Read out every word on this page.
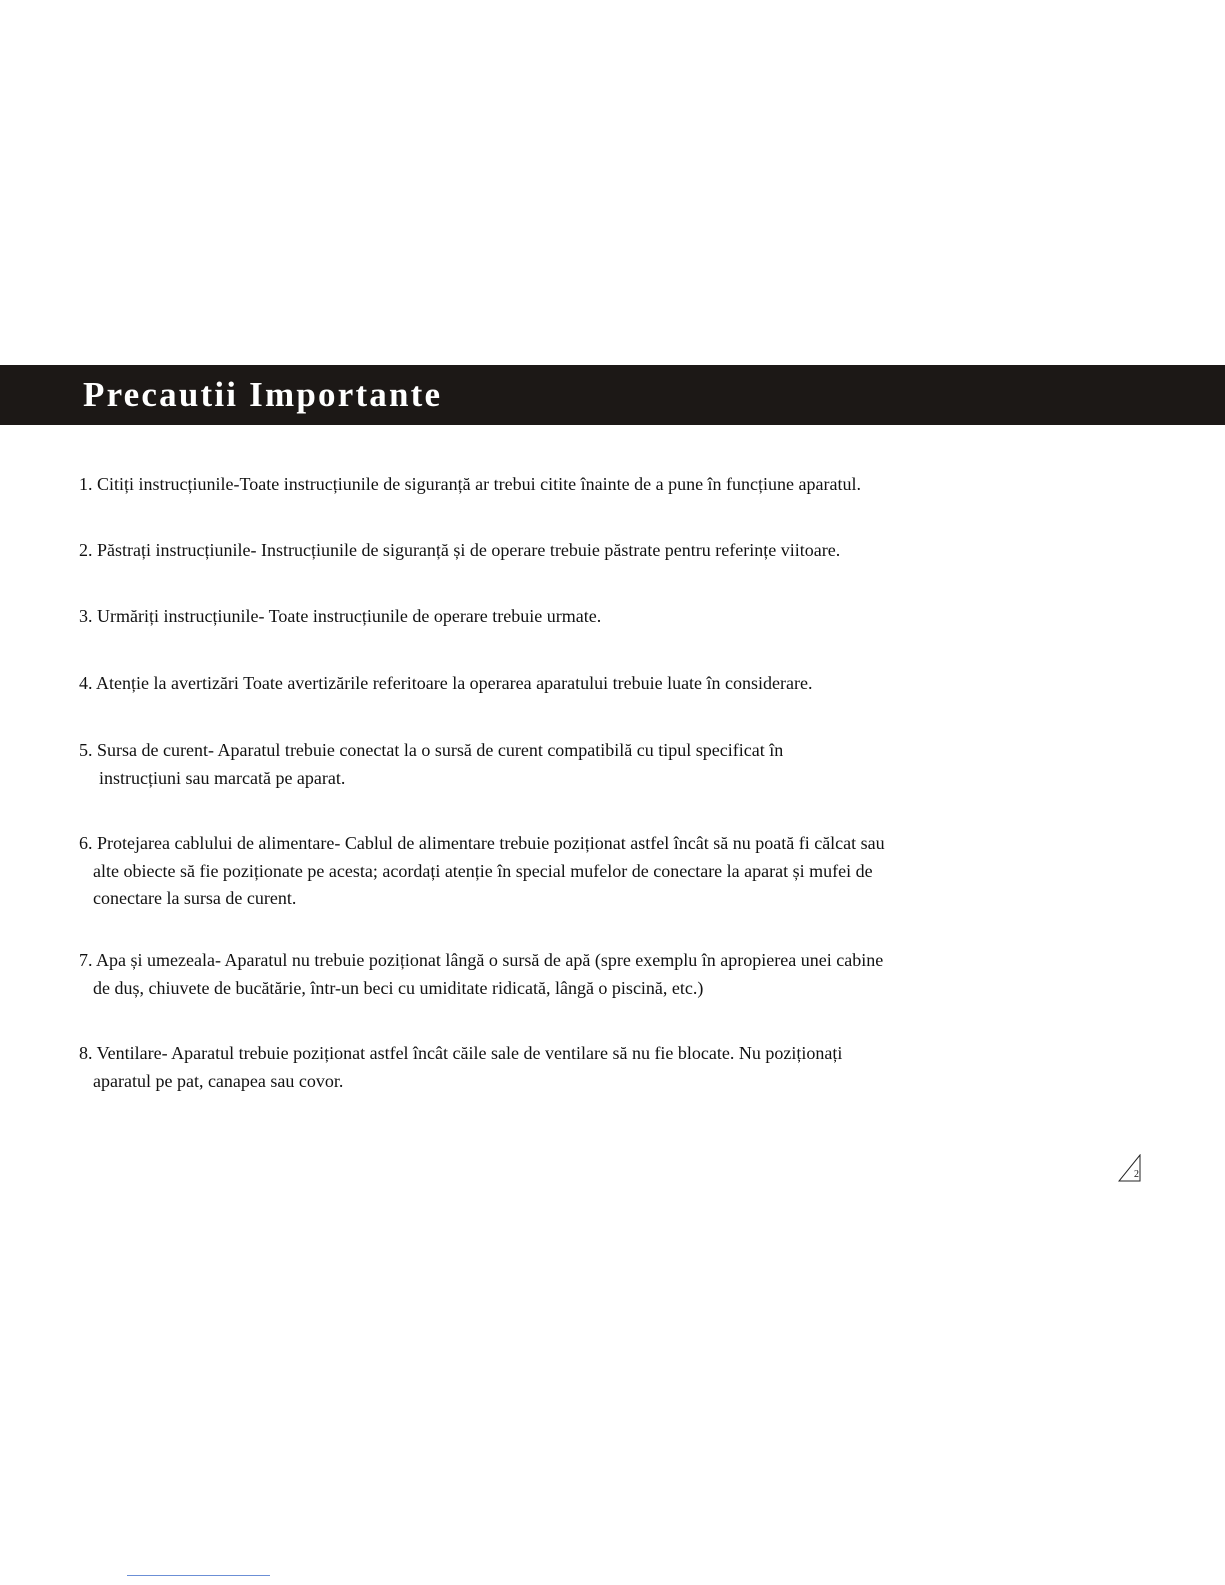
Precautii Importante
1. Citiți instrucțiunile-Toate instrucțiunile de siguranță ar trebui citite înainte de a pune în funcțiune aparatul.
2. Păstrați instrucțiunile- Instrucțiunile de siguranță și de operare trebuie păstrate pentru referințe viitoare.
3. Urmăriți instrucțiunile- Toate instrucțiunile de operare trebuie urmate.
4. Atenție la avertizări Toate avertizările referitoare la operarea aparatului trebuie luate în considerare.
5. Sursa de curent- Aparatul trebuie conectat la o sursă de curent compatibilă cu tipul specificat în
instrucțiuni sau marcată pe aparat.
6. Protejarea cablului de alimentare- Cablul de alimentare trebuie poziționat astfel încât să nu poată fi călcat sau
alte obiecte să fie poziționate pe acesta; acordați atenție în special mufelor de conectare la aparat și mufei de
conectare la sursa de curent.
7. Apa și umezeala- Aparatul nu trebuie poziționat lângă o sursă de apă (spre exemplu în apropierea unei cabine
de duș, chiuvete de bucătărie, într-un beci cu umiditate ridicată, lângă o piscină, etc.)
8. Ventilare- Aparatul trebuie poziționat astfel încât căile sale de ventilare să nu fie blocate. Nu poziționați
aparatul pe pat, canapea sau covor.
2
